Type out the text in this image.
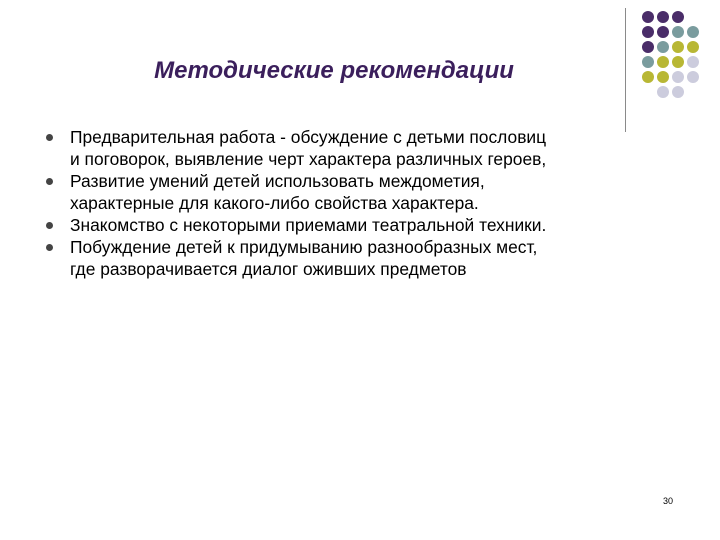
Методические рекомендации
Предварительная работа - обсуждение с детьми пословиц
и поговорок, выявление черт характера различных героев,
Развитие умений детей использовать междометия,
характерные для какого-либо свойства характера.
Знакомство с некоторыми приемами театральной техники.
Побуждение детей к придумыванию разнообразных мест,
где разворачивается диалог оживших предметов
30
